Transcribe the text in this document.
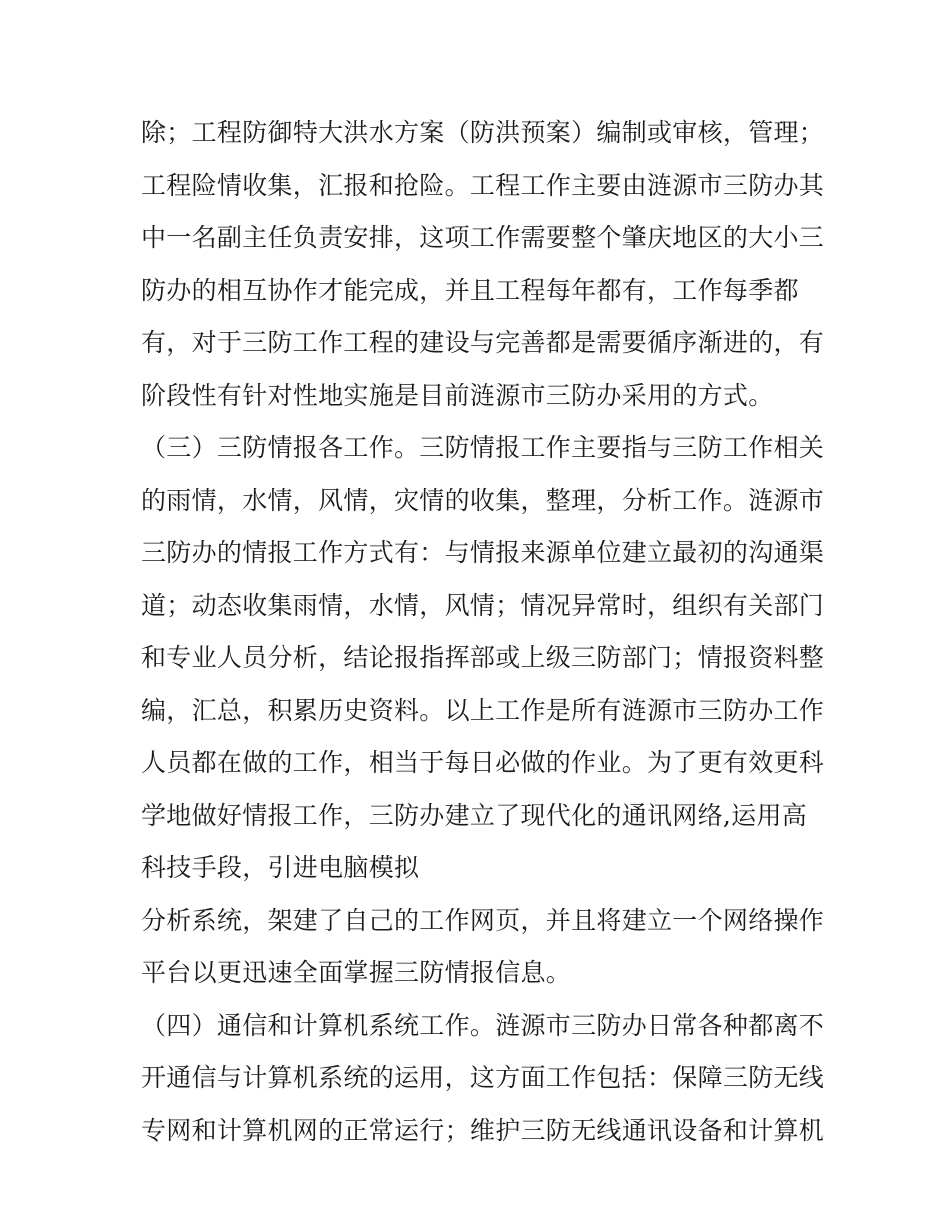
除；工程防御特大洪水方案（防洪预案）编制或审核，管理；
工程险情收集，汇报和抢险。工程工作主要由涟源市三防办其
中一名副主任负责安排，这项工作需要整个肇庆地区的大小三
防办的相互协作才能完成，并且工程每年都有，工作每季都
有，对于三防工作工程的建设与完善都是需要循序渐进的，有
阶段性有针对性地实施是目前涟源市三防办采用的方式。
（三）三防情报各工作。三防情报工作主要指与三防工作相关
的雨情，水情，风情，灾情的收集，整理，分析工作。涟源市
三防办的情报工作方式有：与情报来源单位建立最初的沟通渠
道；动态收集雨情，水情，风情；情况异常时，组织有关部门
和专业人员分析，结论报指挥部或上级三防部门；情报资料整
编，汇总，积累历史资料。以上工作是所有涟源市三防办工作
人员都在做的工作，相当于每日必做的作业。为了更有效更科
学地做好情报工作，三防办建立了现代化的通讯网络,运用高
科技手段，引进电脑模拟
分析系统，架建了自己的工作网页，并且将建立一个网络操作
平台以更迅速全面掌握三防情报信息。
（四）通信和计算机系统工作。涟源市三防办日常各种都离不
开通信与计算机系统的运用，这方面工作包括：保障三防无线
专网和计算机网的正常运行；维护三防无线通讯设备和计算机
